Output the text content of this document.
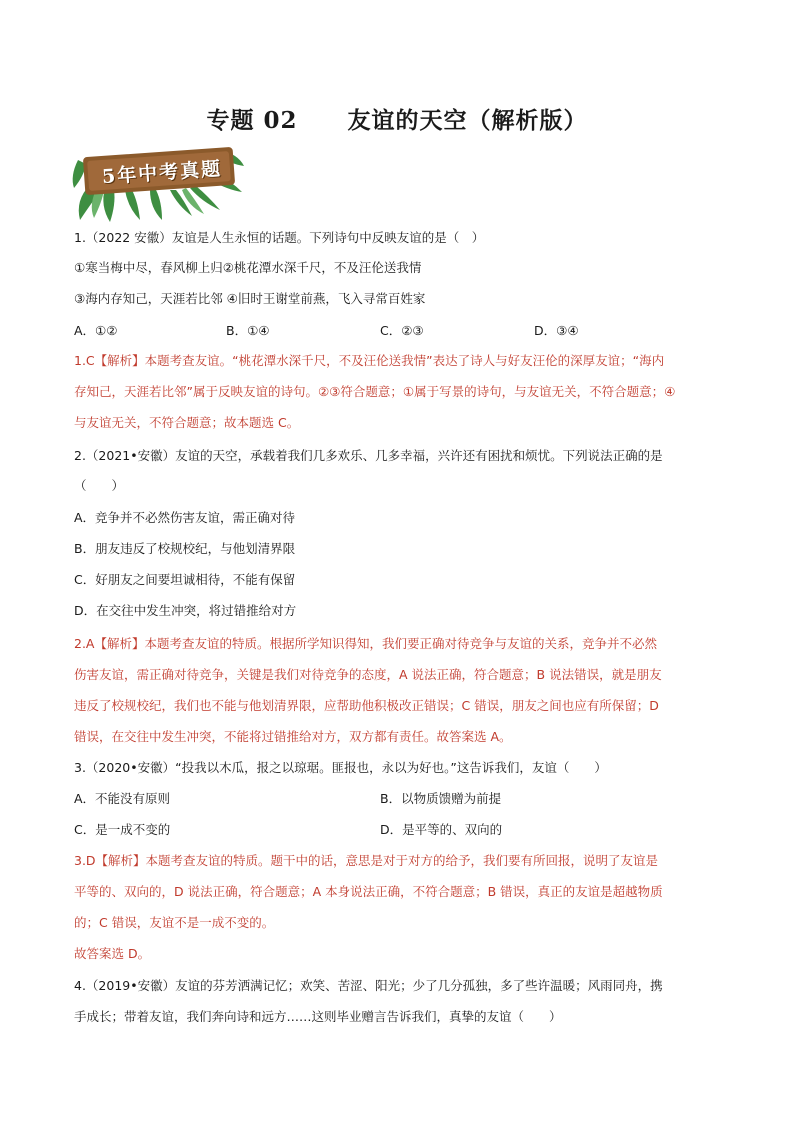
专题 02 友谊的天空（解析版）
5年中考真题
1.（2022 安徽）友谊是人生永恒的话题。下列诗句中反映友谊的是（　）
①寒当梅中尽，春风柳上归②桃花潭水深千尺，不及汪伦送我情
③海内存知己，天涯若比邻 ④旧时王谢堂前燕，飞入寻常百姓家
A．①②	B．①④	C．②③	D．③④
1.C【解析】本题考查友谊。“桃花潭水深千尺，不及汪伦送我情”表达了诗人与好友汪伦的深厚友谊；“海内
存知己，天涯若比邻”属于反映友谊的诗句。②③符合题意；①属于写景的诗句，与友谊无关，不符合题意；④
与友谊无关，不符合题意；故本题选 C。
2.（2021•安徽）友谊的天空，承载着我们几多欢乐、几多幸福，兴许还有困扰和烦忧。下列说法正确的是
（　　）
A．竞争并不必然伤害友谊，需正确对待
B．朋友违反了校规校纪，与他划清界限
C．好朋友之间要坦诚相待，不能有保留
D．在交往中发生冲突，将过错推给对方
2.A【解析】本题考查友谊的特质。根据所学知识得知，我们要正确对待竞争与友谊的关系，竞争并不必然
伤害友谊，需正确对待竞争，关键是我们对待竞争的态度，A 说法正确，符合题意；B 说法错误，就是朋友
违反了校规校纪，我们也不能与他划清界限，应帮助他积极改正错误；C 错误，朋友之间也应有所保留；D
错误，在交往中发生冲突，不能将过错推给对方，双方都有责任。故答案选 A。
3.（2020•安徽）“投我以木瓜，报之以琼琚。匪报也，永以为好也。”这告诉我们，友谊（　　）
A．不能没有原则	B．以物质馈赠为前提
C．是一成不变的	D．是平等的、双向的
3.D【解析】本题考查友谊的特质。题干中的话，意思是对于对方的给予，我们要有所回报，说明了友谊是
平等的、双向的，D 说法正确，符合题意；A 本身说法正确，不符合题意；B 错误，真正的友谊是超越物质
的；C 错误，友谊不是一成不变的。
故答案选 D。
4.（2019•安徽）友谊的芬芳洒满记忆；欢笑、苦涩、阳光；少了几分孤独，多了些许温暖；风雨同舟，携
手成长；带着友谊，我们奔向诗和远方……这则毕业赠言告诉我们，真挚的友谊（　　）
